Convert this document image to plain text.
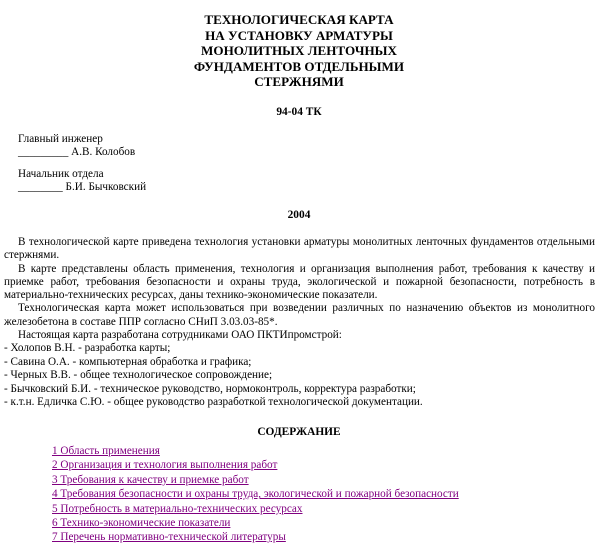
ТЕХНОЛОГИЧЕСКАЯ КАРТА
НА УСТАНОВКУ АРМАТУРЫ
МОНОЛИТНЫХ ЛЕНТОЧНЫХ
ФУНДАМЕНТОВ ОТДЕЛЬНЫМИ
СТЕРЖНЯМИ
94-04 ТК
Главный инженер
_________ А.В. Колобов
Начальник отдела
________ Б.И. Бычковский
2004

В технологической карте приведена технология установки арматуры монолитных ленточных фундаментов отдельными стержнями.

В карте представлены область применения, технология и организация выполнения работ, требования к качеству и приемке работ, требования безопасности и охраны труда, экологической и пожарной безопасности, потребность в материально-технических ресурсах, даны технико-экономические показатели.

Технологическая карта может использоваться при возведении различных по назначению объектов из монолитного железобетона в составе ППР согласно СНиП 3.03.03-85*.

Настоящая карта разработана сотрудниками ОАО ПКТИпромстрой:

- Холопов В.Н. - разработка карты;
- Савина О.А. - компьютерная обработка и графика;
- Черных В.В. - общее технологическое сопровождение;
- Бычковский Б.И. - техническое руководство, нормоконтроль, корректура разработки;
- к.т.н. Едличка С.Ю. - общее руководство разработкой технологической документации.
СОДЕРЖАНИЕ
1 Область применения
2 Организация и технология выполнения работ
3 Требования к качеству и приемке работ
4 Требования безопасности и охраны труда, экологической и пожарной безопасности
5 Потребность в материально-технических ресурсах
6 Технико-экономические показатели
7 Перечень нормативно-технической литературы
